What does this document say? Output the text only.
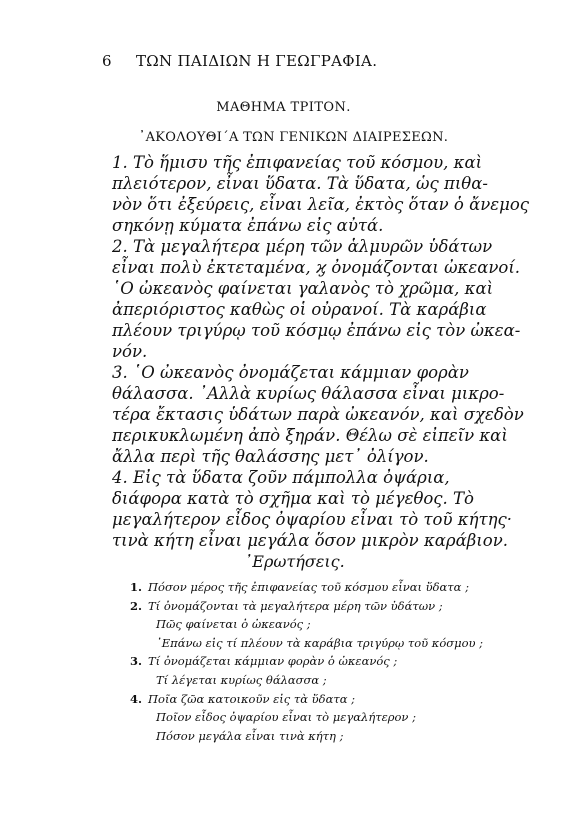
6 ΤΩΝ ΠΑΙΔΙΩΝ Η ΓΕΩΓΡΑΦΙΑ.
ΜΑΘΗΜΑ ΤΡΙΤΟΝ.
᾿ΑΚΟΛΟΥΘΙ΄Α ΤΩΝ ΓΕΝΙΚΩΝ ΔΙΑΙΡΕΣΕΩΝ.
1. Τὸ ἥμισυ τῆς ἐπιφανείας τοῦ κόσμου, καὶ
πλειότερον, εἶναι ὕδατα. Τὰ ὕδατα, ὡς πιθα-
νὸν ὅτι ἐξεύρεις, εἶναι λεῖα, ἐκτὸς ὅταν ὁ ἄνεμος
σηκόνῃ κύματα ἐπάνω εἰς αὐτά.
2. Τὰ μεγαλήτερα μέρη τῶν ἁλμυρῶν ὑδάτων
εἶναι πολὺ ἐκτεταμένα, ϗ ὀνομάζονται ὠκεανοί.
῾Ο ὠκεανὸς φαίνεται γαλανὸς τὸ χρῶμα, καὶ
ἀπεριόριστος καθὼς οἱ οὐρανοί. Τὰ καράβια
πλέουν τριγύρῳ τοῦ κόσμῳ ἐπάνω εἰς τὸν ὠκεα-
νόν.
3. ῾Ο ὠκεανὸς ὀνομάζεται κάμμιαν φορὰν
θάλασσα. ᾿Αλλὰ κυρίως θάλασσα εἶναι μικρο-
τέρα ἔκτασις ὑδάτων παρὰ ὠκεανόν, καὶ σχεδὸν
περικυκλωμένη ἀπὸ ξηράν. Θέλω σὲ εἰπεῖν καὶ
ἄλλα περὶ τῆς θαλάσσης μετ᾿ ὀλίγον.
4. Εἰς τὰ ὕδατα ζοῦν πάμπολλα ὀψάρια,
διάφορα κατὰ τὸ σχῆμα καὶ τὸ μέγεθος. Τὸ
μεγαλήτερον εἶδος ὀψαρίου εἶναι τὸ τοῦ κήτης·
τινὰ κήτη εἶναι μεγάλα ὅσον μικρὸν καράβιον.
᾿Ερωτήσεις.
1. Πόσον μέρος τῆς ἐπιφανείας τοῦ κόσμου εἶναι ὕδατα ;
2. Τί ὀνομάζονται τὰ μεγαλήτερα μέρη τῶν ὑδάτων ;
Πῶς φαίνεται ὁ ὠκεανός ;
᾿Επάνω εἰς τί πλέουν τὰ καράβια τριγύρῳ τοῦ κόσμου ;
3. Τί ὀνομάζεται κάμμιαν φορὰν ὁ ὠκεανός ;
Τί λέγεται κυρίως θάλασσα ;
4. Ποῖα ζῶα κατοικοῦν εἰς τὰ ὕδατα ;
Ποῖον εἶδος ὀψαρίου εἶναι τὸ μεγαλήτερον ;
Πόσον μεγάλα εἶναι τινὰ κήτη ;
